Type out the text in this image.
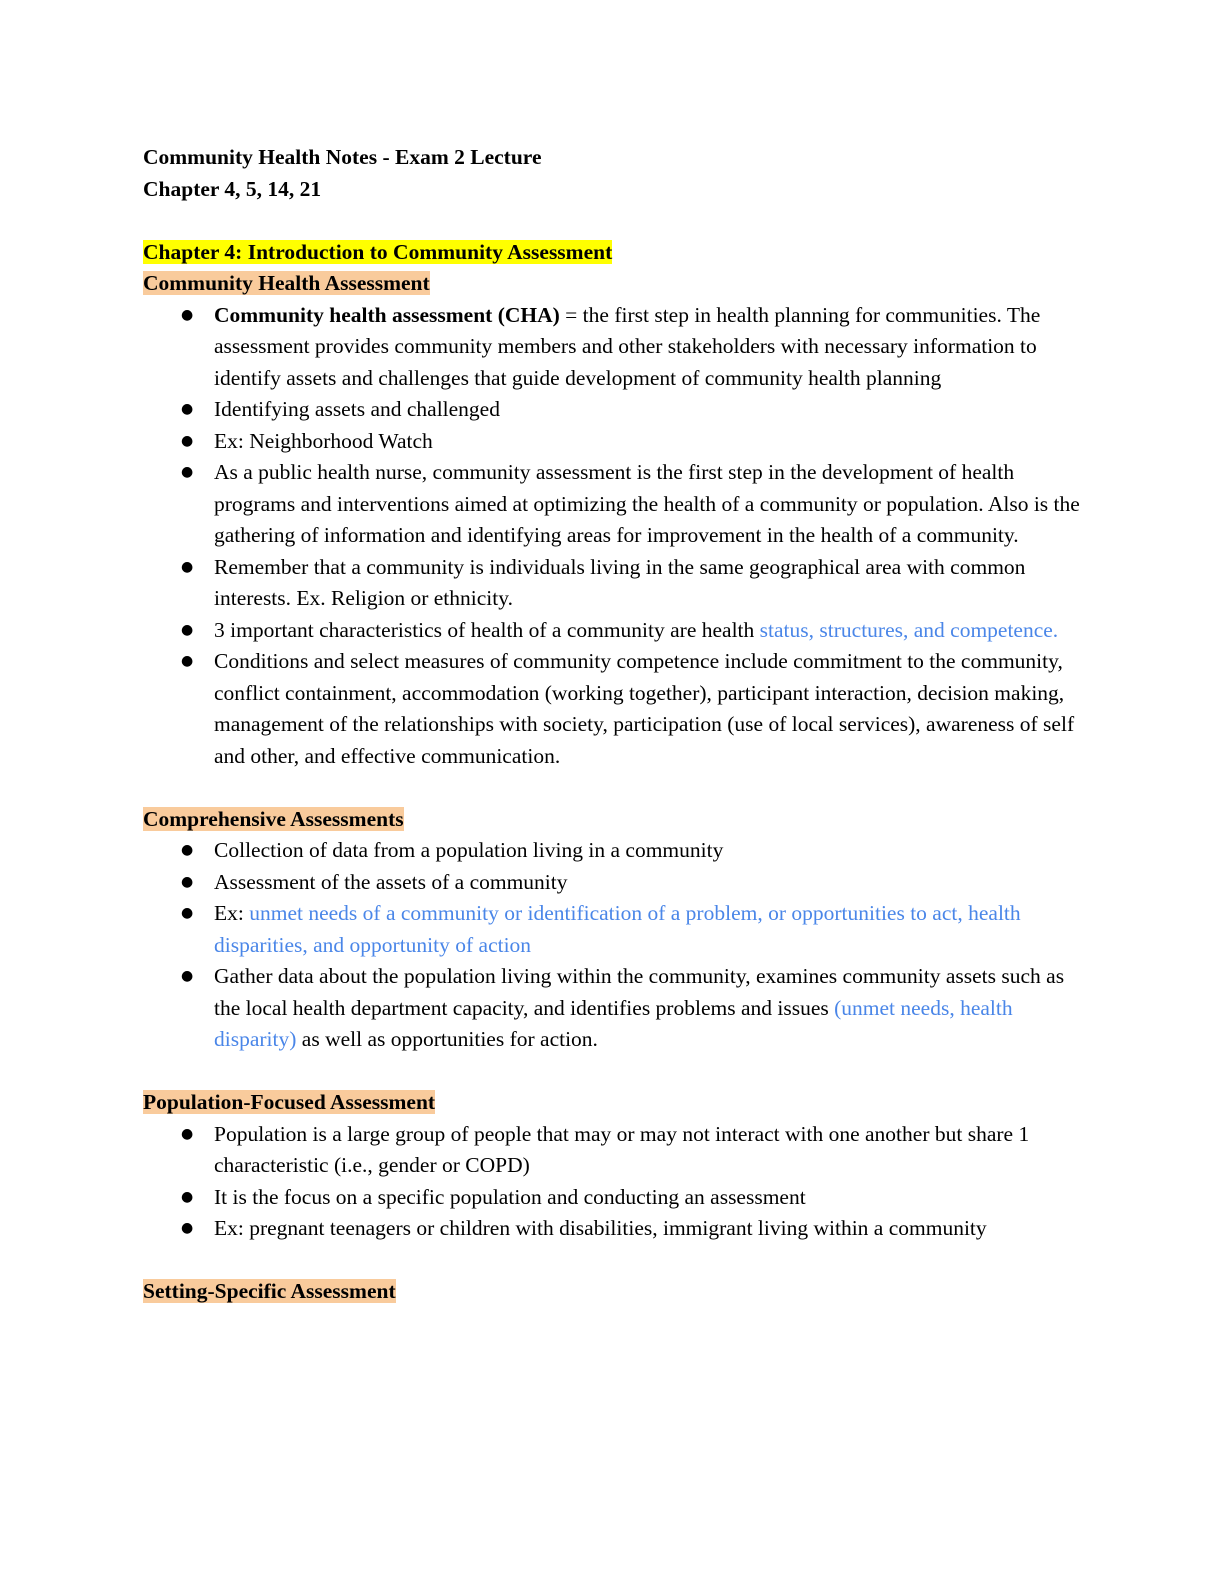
Community Health Notes - Exam 2 Lecture

Chapter 4, 5, 14, 21

Chapter 4: Introduction to Community Assessment

Community Health Assessment

● Community health assessment (CHA) = the first step in health planning for communities. The assessment provides community members and other stakeholders with necessary information to identify assets and challenges that guide development of community health planning
● Identifying assets and challenged
● Ex: Neighborhood Watch
● As a public health nurse, community assessment is the first step in the development of health programs and interventions aimed at optimizing the health of a community or population. Also is the gathering of information and identifying areas for improvement in the health of a community.
● Remember that a community is individuals living in the same geographical area with common interests. Ex. Religion or ethnicity.
● 3 important characteristics of health of a community are health status, structures, and competence.
● Conditions and select measures of community competence include commitment to the community, conflict containment, accommodation (working together), participant interaction, decision making, management of the relationships with society, participation (use of local services), awareness of self and other, and effective communication.

Comprehensive Assessments

● Collection of data from a population living in a community
● Assessment of the assets of a community
● Ex: unmet needs of a community or identification of a problem, or opportunities to act, health disparities, and opportunity of action
● Gather data about the population living within the community, examines community assets such as the local health department capacity, and identifies problems and issues (unmet needs, health disparity) as well as opportunities for action.

Population-Focused Assessment

● Population is a large group of people that may or may not interact with one another but share 1 characteristic (i.e., gender or COPD)
● It is the focus on a specific population and conducting an assessment
● Ex: pregnant teenagers or children with disabilities, immigrant living within a community

Setting-Specific Assessment
